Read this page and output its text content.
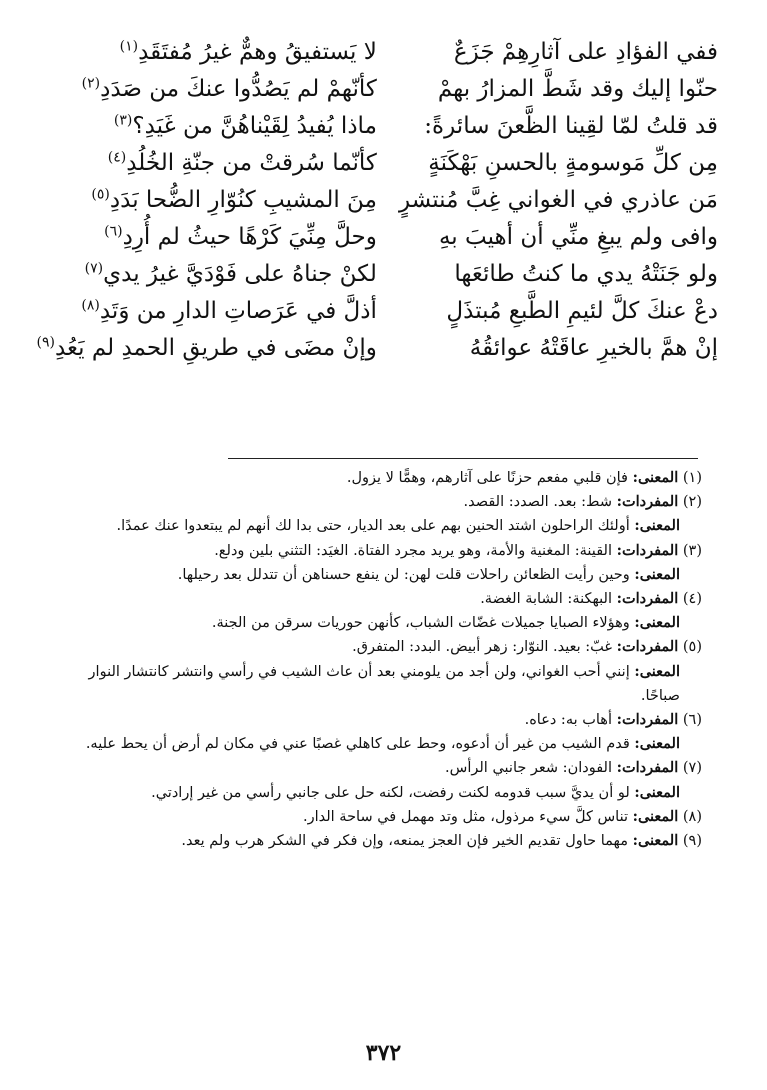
ففي الفؤادِ على آثارِهِمْ جَزَعٌ
لا يَستفيقُ وهمٌّ غيرُ مُفتَقَدِ$^{(١)}$
حنّوا إليك وقد شَطَّ المزارُ بهمْ
كأنّهمْ لم يَصُدُّوا عنكَ من صَدَدِ$^{(٢)}$
قد قلتُ لمّا لقِينا الظَّعنَ سائرةً:
ماذا يُفيدُ لِقَيْناهُنَّ من غَيَدِ؟$^{(٣)}$
مِن كلِّ مَوسومةٍ بالحسنِ بَهْكَنَةٍ
كأنّما سُرقتْ من جنّةِ الخُلُدِ$^{(٤)}$
مَن عاذري في الغواني غِبَّ مُنتشرٍ
مِنَ المشيبِ كنُوّارِ الضُّحا بَدَدِ$^{(٥)}$
وافى ولم يبغِ منِّي أن أهيبَ بهِ
وحلَّ مِنِّيَ كَرْهًا حيثُ لم أُرِدِ$^{(٦)}$
ولو جَنَتْهُ يدي ما كنتُ طائعَها
لكنْ جناهُ على فَوْدَيَّ غيرُ يدي$^{(٧)}$
دعْ عنكَ كلَّ لئيمِ الطَّبعِ مُبتذَلٍ
أذلَّ في عَرَصاتِ الدارِ من وَتَدِ$^{(٨)}$
إنْ همَّ بالخيرِ عاقَتْهُ عوائقُهُ
وإنْ مضَى في طريقِ الحمدِ لم يَعُدِ$^{(٩)}$
(١) المعنى: فإن قلبي مفعم حزنًا على آثارهم، وهمًّا لا يزول.
(٢) المفردات: شط: بعد. الصدد: القصد.
المعنى: أولئك الراحلون اشتد الحنين بهم على بعد الديار، حتى بدا لك أنهم لم يبتعدوا عنك عمدًا.
(٣) المفردات: القينة: المغنية والأمة، وهو يريد مجرد الفتاة. الغيَد: التثني بلين ودلع.
المعنى: وحين رأيت الظعائن راحلات قلت لهن: لن ينفع حسناهن أن تتدلل بعد رحيلها.
(٤) المفردات: البهكنة: الشابة الغضة.
المعنى: وهؤلاء الصبايا جميلات غضّات الشباب، كأنهن حوريات سرقن من الجنة.
(٥) المفردات: غبّ: بعيد. النوّار: زهر أبيض. البدد: المتفرق.
المعنى: إنني أحب الغواني، ولن أجد من يلومني بعد أن عاث الشيب في رأسي وانتشر كانتشار النوار صباحًا.
(٦) المفردات: أهاب به: دعاه.
المعنى: قدم الشيب من غير أن أدعوه، وحط على كاهلي غصبًا عني في مكان لم أرض أن يحط عليه.
(٧) المفردات: الفودان: شعر جانبي الرأس.
المعنى: لو أن يديَّ سبب قدومه لكنت رفضت، لكنه حل على جانبي رأسي من غير إرادتي.
(٨) المعنى: تناس كلَّ سيء مرذول، مثل وتد مهمل في ساحة الدار.
(٩) المعنى: مهما حاول تقديم الخير فإن العجز يمنعه، وإن فكر في الشكر هرب ولم يعد.
٣٧٢
